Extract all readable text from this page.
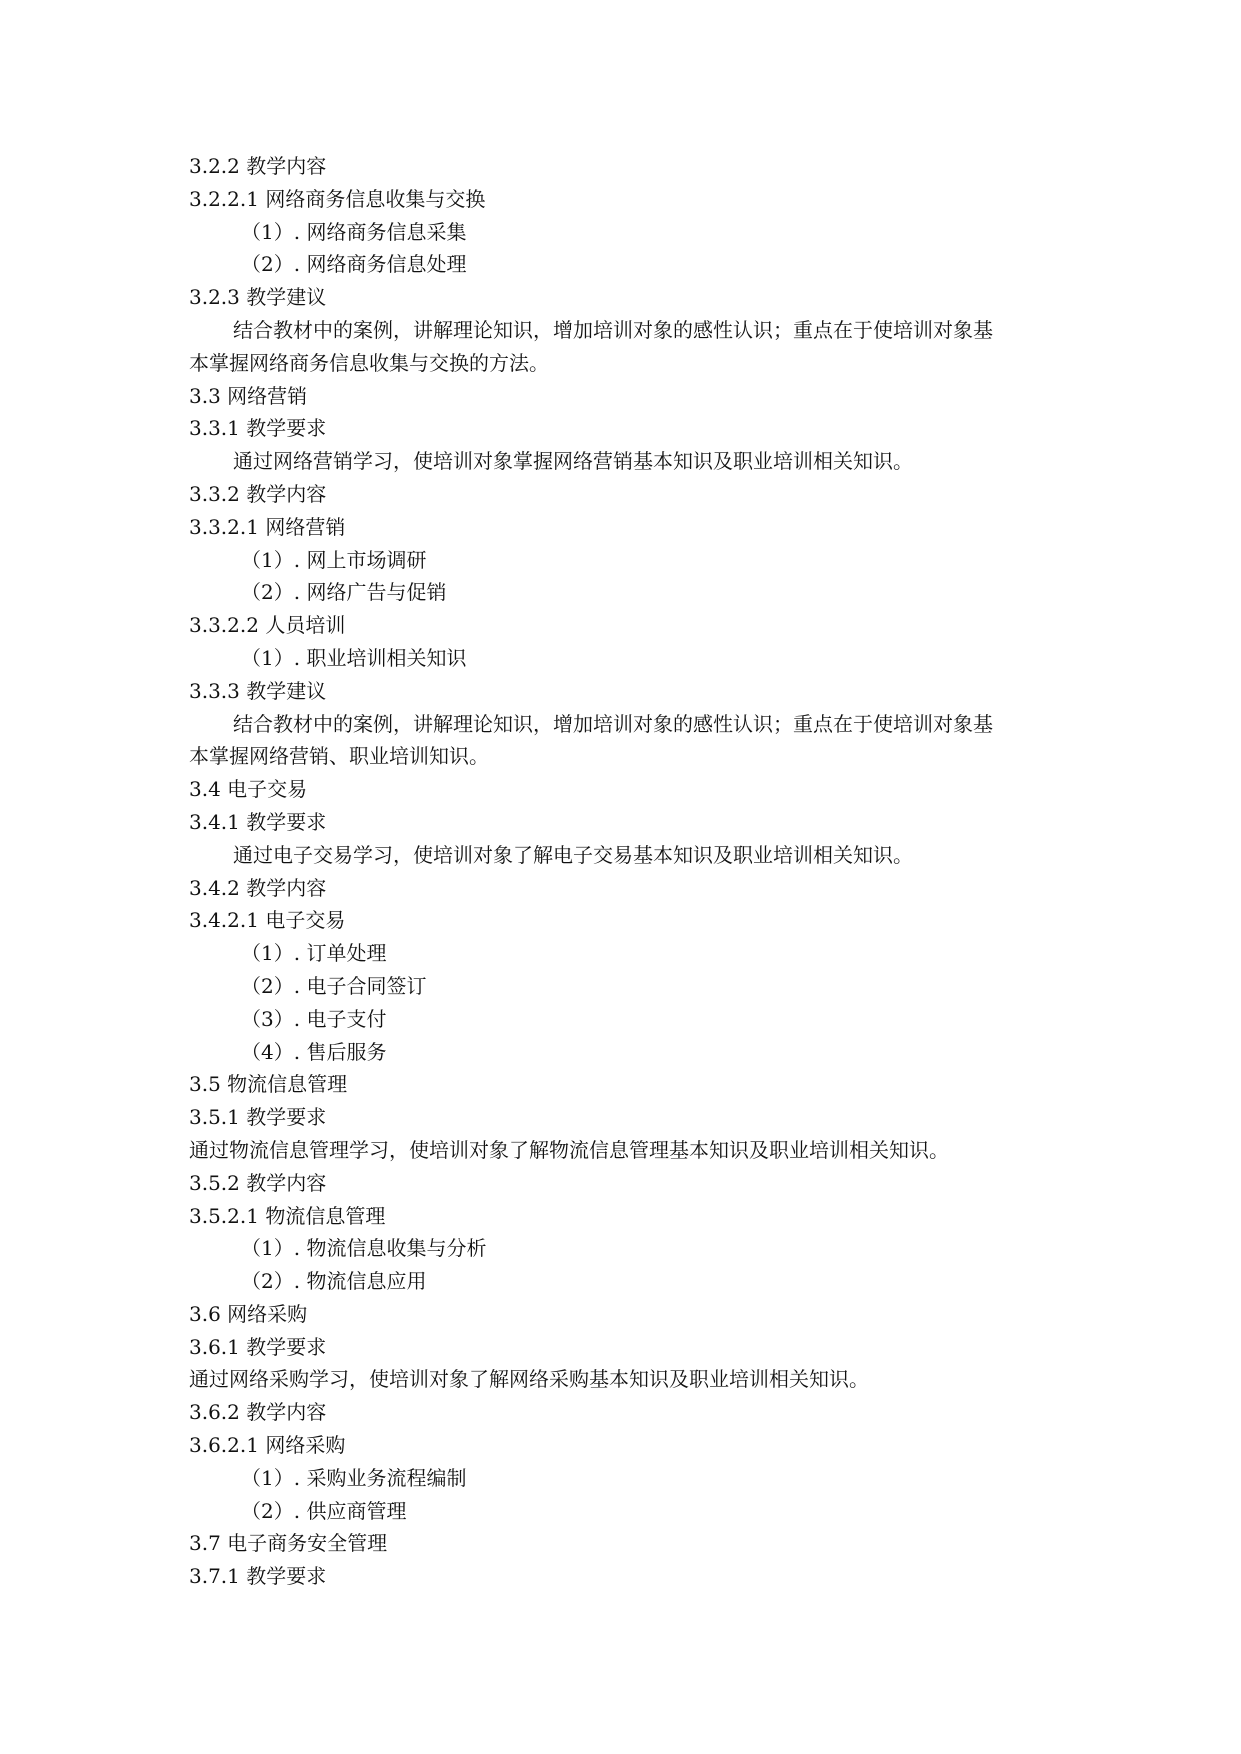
3.2.2 教学内容
3.2.2.1 网络商务信息收集与交换
（1）. 网络商务信息采集
（2）. 网络商务信息处理
3.2.3 教学建议
结合教材中的案例，讲解理论知识，增加培训对象的感性认识；重点在于使培训对象基
本掌握网络商务信息收集与交换的方法。
3.3 网络营销
3.3.1 教学要求
通过网络营销学习，使培训对象掌握网络营销基本知识及职业培训相关知识。
3.3.2 教学内容
3.3.2.1 网络营销
（1）. 网上市场调研
（2）. 网络广告与促销
3.3.2.2 人员培训
（1）. 职业培训相关知识
3.3.3 教学建议
结合教材中的案例，讲解理论知识，增加培训对象的感性认识；重点在于使培训对象基
本掌握网络营销、职业培训知识。
3.4 电子交易
3.4.1 教学要求
通过电子交易学习，使培训对象了解电子交易基本知识及职业培训相关知识。
3.4.2 教学内容
3.4.2.1 电子交易
（1）. 订单处理
（2）. 电子合同签订
（3）. 电子支付
（4）. 售后服务
3.5 物流信息管理
3.5.1 教学要求
通过物流信息管理学习，使培训对象了解物流信息管理基本知识及职业培训相关知识。
3.5.2 教学内容
3.5.2.1 物流信息管理
（1）. 物流信息收集与分析
（2）. 物流信息应用
3.6 网络采购
3.6.1 教学要求
通过网络采购学习，使培训对象了解网络采购基本知识及职业培训相关知识。
3.6.2 教学内容
3.6.2.1 网络采购
（1）. 采购业务流程编制
（2）. 供应商管理
3.7 电子商务安全管理
3.7.1 教学要求
